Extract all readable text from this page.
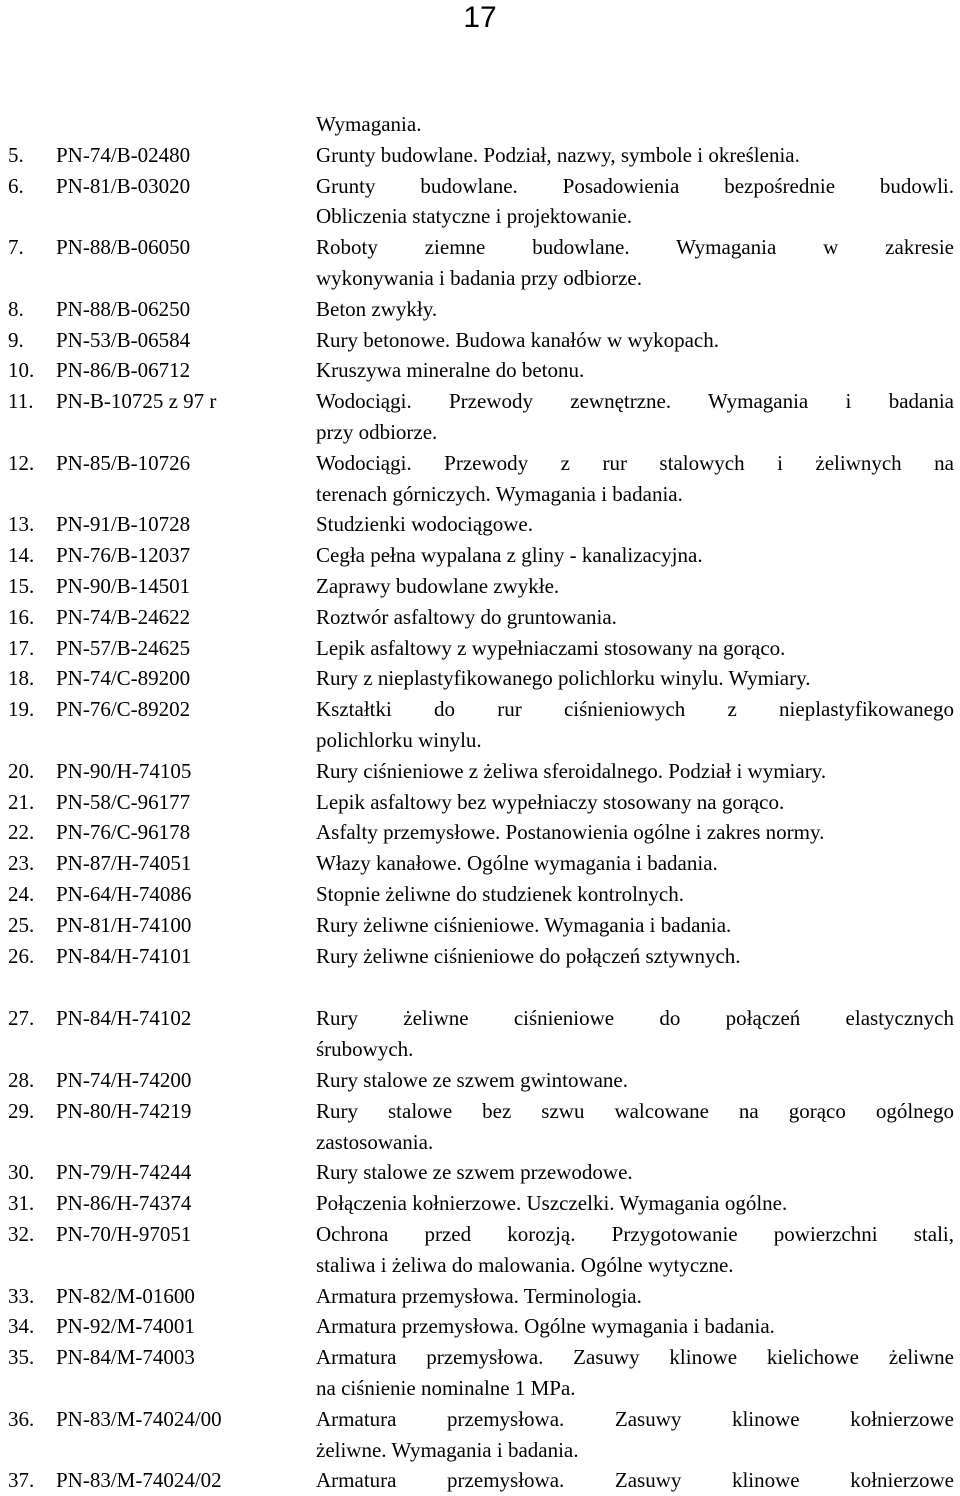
17
Wymagania.
5.	PN-74/B-02480	Grunty budowlane. Podział, nazwy, symbole i określenia.
6.	PN-81/B-03020	Grunty budowlane. Posadowienia bezpośrednie budowli.
Obliczenia statyczne i projektowanie.
7.	PN-88/B-06050	Roboty ziemne budowlane. Wymagania w zakresie
wykonywania i badania przy odbiorze.
8.	PN-88/B-06250	Beton zwykły.
9.	PN-53/B-06584	Rury betonowe. Budowa kanałów w wykopach.
10.	PN-86/B-06712	Kruszywa mineralne do betonu.
11.	PN-B-10725 z 97 r	Wodociągi. Przewody zewnętrzne. Wymagania i badania
przy odbiorze.
12.	PN-85/B-10726	Wodociągi. Przewody z rur stalowych i żeliwnych na
terenach górniczych. Wymagania i badania.
13.	PN-91/B-10728	Studzienki wodociągowe.
14.	PN-76/B-12037	Cegła pełna wypalana z gliny - kanalizacyjna.
15.	PN-90/B-14501	Zaprawy budowlane zwykłe.
16.	PN-74/B-24622	Roztwór asfaltowy do gruntowania.
17.	PN-57/B-24625	Lepik asfaltowy z wypełniaczami stosowany na gorąco.
18.	PN-74/C-89200	Rury z nieplastyfikowanego polichlorku winylu. Wymiary.
19.	PN-76/C-89202	Kształtki do rur ciśnieniowych z nieplastyfikowanego
polichlorku winylu.
20.	PN-90/H-74105	Rury ciśnieniowe z żeliwa sferoidalnego. Podział i wymiary.
21.	PN-58/C-96177	Lepik asfaltowy bez wypełniaczy stosowany na gorąco.
22.	PN-76/C-96178	Asfalty przemysłowe. Postanowienia ogólne i zakres normy.
23.	PN-87/H-74051	Włazy kanałowe. Ogólne wymagania i badania.
24.	PN-64/H-74086	Stopnie żeliwne do studzienek kontrolnych.
25.	PN-81/H-74100	Rury żeliwne ciśnieniowe. Wymagania i badania.
26.	PN-84/H-74101	Rury żeliwne ciśnieniowe do połączeń sztywnych.
27.	PN-84/H-74102	Rury żeliwne ciśnieniowe do połączeń elastycznych
śrubowych.
28.	PN-74/H-74200	Rury stalowe ze szwem gwintowane.
29.	PN-80/H-74219	Rury stalowe bez szwu walcowane na gorąco ogólnego
zastosowania.
30.	PN-79/H-74244	Rury stalowe ze szwem przewodowe.
31.	PN-86/H-74374	Połączenia kołnierzowe. Uszczelki. Wymagania ogólne.
32.	PN-70/H-97051	Ochrona przed korozją. Przygotowanie powierzchni stali,
staliwa i żeliwa do malowania. Ogólne wytyczne.
33.	PN-82/M-01600	Armatura przemysłowa. Terminologia.
34.	PN-92/M-74001	Armatura przemysłowa. Ogólne wymagania i badania.
35.	PN-84/M-74003	Armatura przemysłowa. Zasuwy klinowe kielichowe żeliwne
na ciśnienie nominalne 1 MPa.
36.	PN-83/M-74024/00	Armatura przemysłowa. Zasuwy klinowe kołnierzowe
żeliwne. Wymagania i badania.
37.	PN-83/M-74024/02	Armatura przemysłowa. Zasuwy klinowe kołnierzowe
